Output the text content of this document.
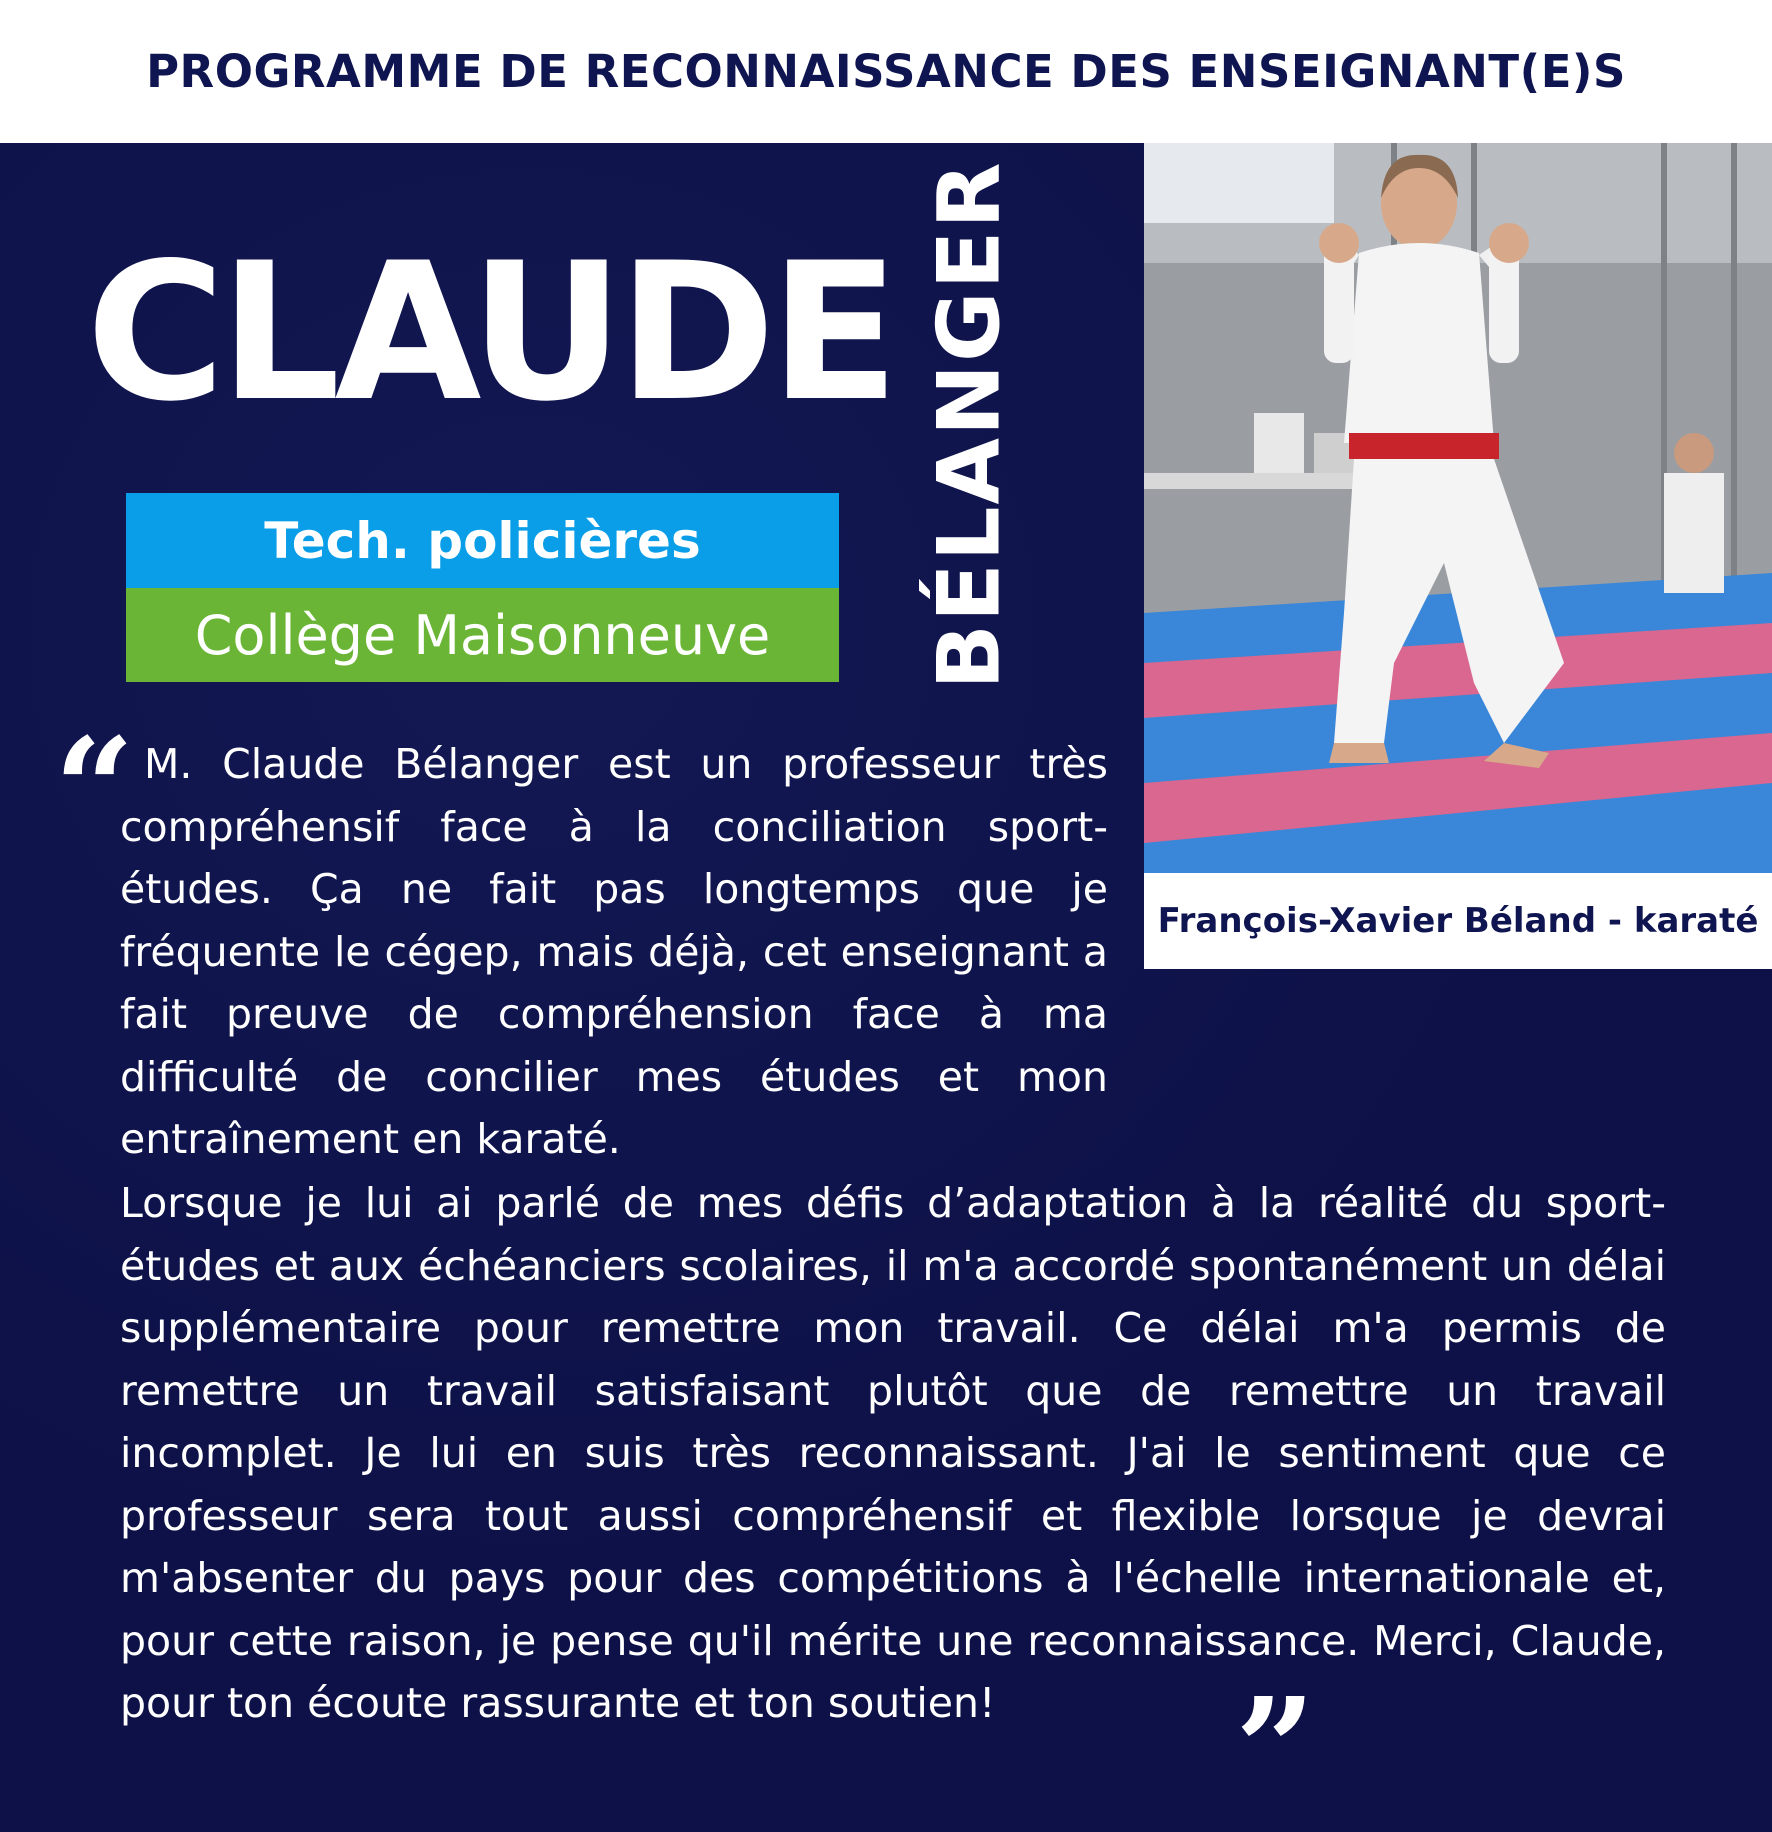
PROGRAMME DE RECONNAISSANCE DES ENSEIGNANT(E)S
CLAUDE BÉLANGER
Tech. policières
Collège Maisonneuve
François-Xavier Béland - karaté
“ M. Claude Bélanger est un professeur très compréhensif face à la conciliation sport-études. Ça ne fait pas longtemps que je fréquente le cégep, mais déjà, cet enseignant a fait preuve de compréhension face à ma difficulté de concilier mes études et mon entraînement en karaté.

Lorsque je lui ai parlé de mes défis d’adaptation à la réalité du sport-études et aux échéanciers scolaires, il m'a accordé spontanément un délai supplémentaire pour remettre mon travail. Ce délai m'a permis de remettre un travail satisfaisant plutôt que de remettre un travail incomplet. Je lui en suis très reconnaissant. J'ai le sentiment que ce professeur sera tout aussi compréhensif et flexible lorsque je devrai m'absenter du pays pour des compétitions à l'échelle internationale et, pour cette raison, je pense qu'il mérite une reconnaissance. Merci, Claude, pour ton écoute rassurante et ton soutien!	”
